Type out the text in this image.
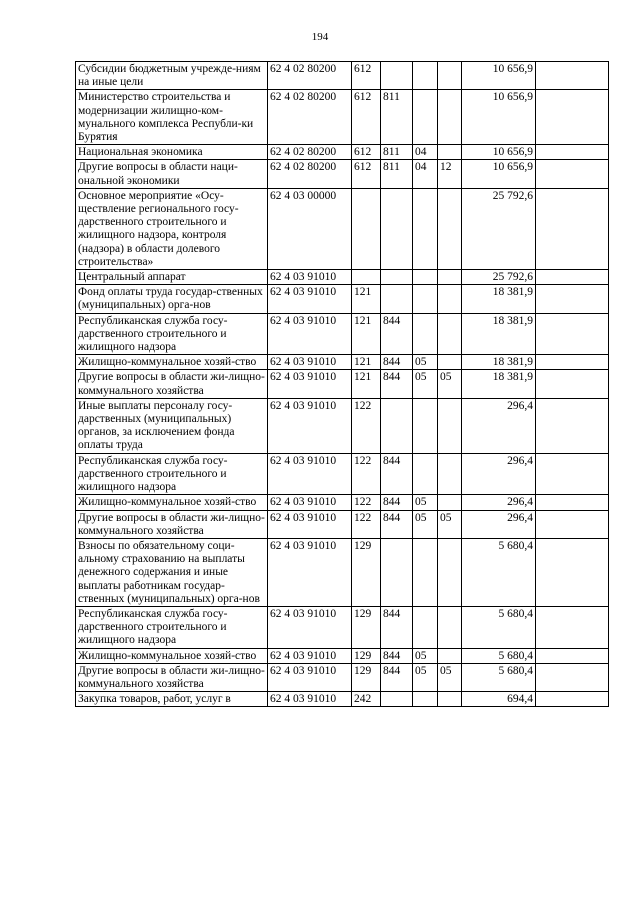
194
Субсидии бюджетным учрежде-ниям на иные цели	62 4 02 80200	612				10 656,9	
Министерство строительства и модернизации жилищно-ком-мунального комплекса Республи-ки Бурятия	62 4 02 80200	612	811			10 656,9	
Национальная экономика	62 4 02 80200	612	811	04		10 656,9	
Другие вопросы в области наци-ональной экономики	62 4 02 80200	612	811	04	12	10 656,9	
Основное мероприятие «Осу-ществление регионального госу-дарственного строительного и жилищного надзора, контроля (надзора) в области долевого строительства»	62 4 03 00000					25 792,6	
Центральный аппарат	62 4 03 91010					25 792,6	
Фонд оплаты труда государ-ственных (муниципальных) орга-нов	62 4 03 91010	121				18 381,9	
Республиканская служба госу-дарственного строительного и жилищного надзора	62 4 03 91010	121	844			18 381,9	
Жилищно-коммунальное хозяй-ство	62 4 03 91010	121	844	05		18 381,9	
Другие вопросы в области жи-лищно-коммунального хозяйства	62 4 03 91010	121	844	05	05	18 381,9	
Иные выплаты персоналу госу-дарственных (муниципальных) органов, за исключением фонда оплаты труда	62 4 03 91010	122				296,4	
Республиканская служба госу-дарственного строительного и жилищного надзора	62 4 03 91010	122	844			296,4	
Жилищно-коммунальное хозяй-ство	62 4 03 91010	122	844	05		296,4	
Другие вопросы в области жи-лищно-коммунального хозяйства	62 4 03 91010	122	844	05	05	296,4	
Взносы по обязательному соци-альному страхованию на выплаты денежного содержания и иные выплаты работникам государ-ственных (муниципальных) орга-нов	62 4 03 91010	129				5 680,4	
Республиканская служба госу-дарственного строительного и жилищного надзора	62 4 03 91010	129	844			5 680,4	
Жилищно-коммунальное хозяй-ство	62 4 03 91010	129	844	05		5 680,4	
Другие вопросы в области жи-лищно-коммунального хозяйства	62 4 03 91010	129	844	05	05	5 680,4	
Закупка товаров, работ, услуг в	62 4 03 91010	242				694,4	
